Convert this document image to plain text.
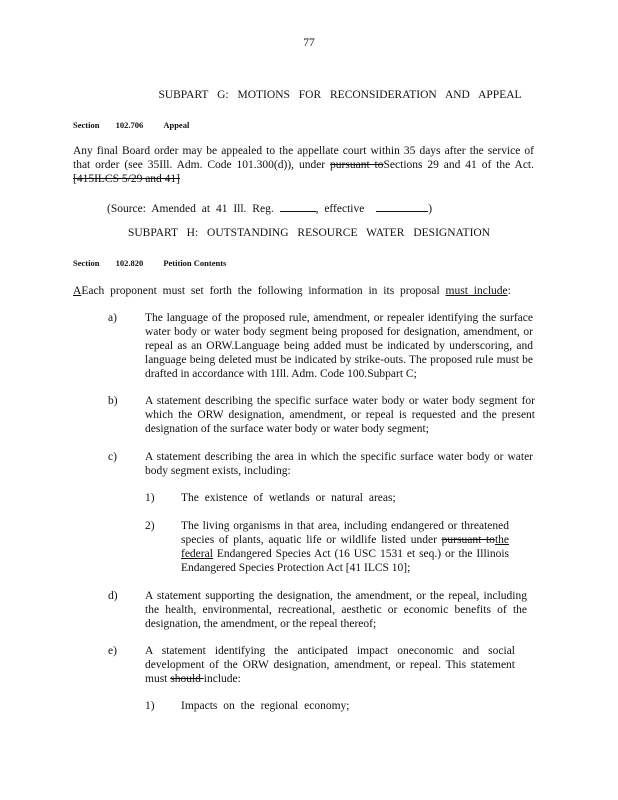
77
SUBPART G: MOTIONS FOR RECONSIDERATION AND APPEAL
Section 102.706 Appeal
Any final Board order may be appealed to the appellate court within 35 days after the service of that order (see 35Ill. Adm. Code 101.300(d)), under pursuant toSections 29 and 41 of the Act. [415ILCS 5/29 and 41]
(Source: Amended at 41 Ill. Reg.	, effective	)
SUBPART H: OUTSTANDING RESOURCE WATER DESIGNATION
Section 102.820 Petition Contents
AEach proponent must set forth the following information in its proposal must include:
a) The language of the proposed rule, amendment, or repealer identifying the surface water body or water body segment being proposed for designation, amendment, or repeal as an ORW.Language being added must be indicated by underscoring, and language being deleted must be indicated by strike-outs. The proposed rule must be drafted in accordance with 1Ill. Adm. Code 100.Subpart C;
b) A statement describing the specific surface water body or water body segment for which the ORW designation, amendment, or repeal is requested and the present designation of the surface water body or water body segment;
c) A statement describing the area in which the specific surface water body or water body segment exists, including:
1) The existence of wetlands or natural areas;
2) The living organisms in that area, including endangered or threatened species of plants, aquatic life or wildlife listed under pursuant tothe federal Endangered Species Act (16 USC 1531 et seq.) or the Illinois Endangered Species Protection Act [41 ILCS 10];
d) A statement supporting the designation, the amendment, or the repeal, including the health, environmental, recreational, aesthetic or economic benefits of the designation, the amendment, or the repeal thereof;
e) A statement identifying the anticipated impact oneconomic and social development of the ORW designation, amendment, or repeal. This statement must should include:
1) Impacts on the regional economy;
